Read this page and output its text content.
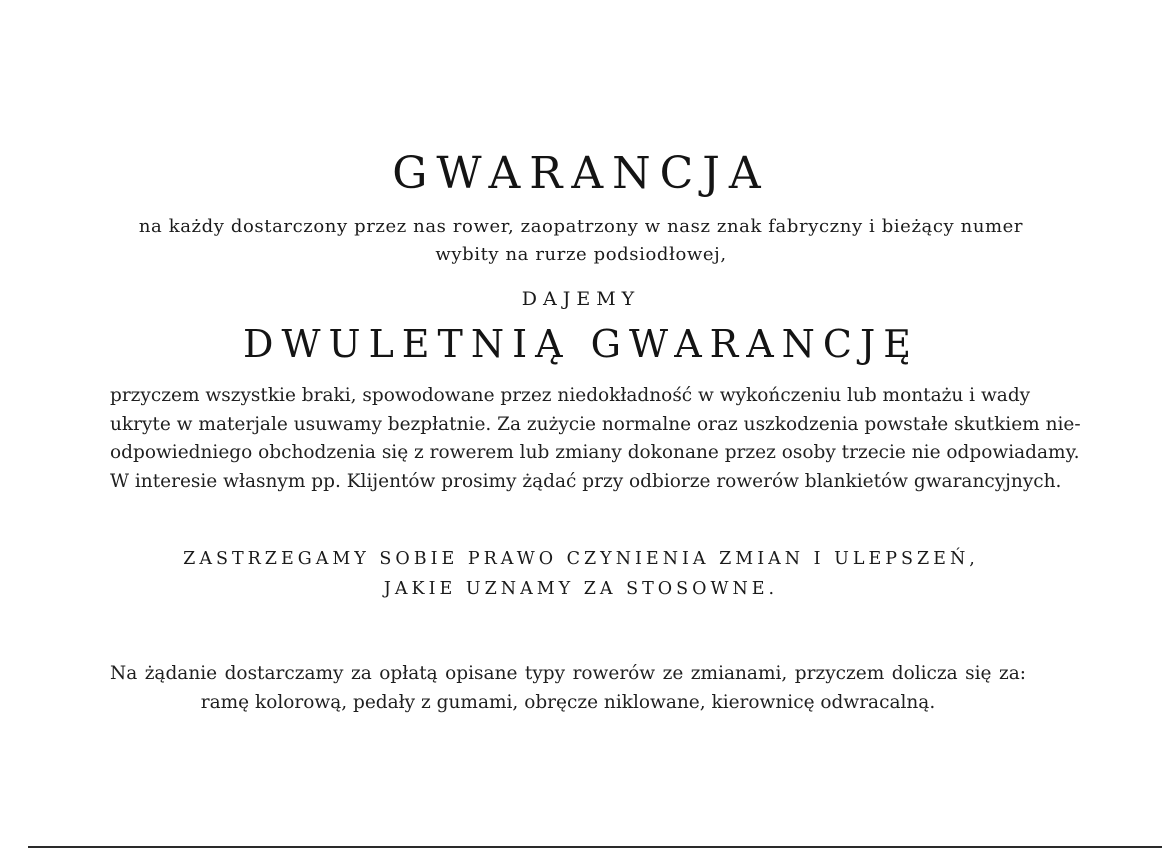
GWARANCJA
na każdy dostarczony przez nas rower, zaopatrzony w nasz znak fabryczny i bieżący numer
wybity na rurze podsiodłowej,
DAJEMY
DWULETNIĄ GWARANCJĘ
przyczem wszystkie braki, spowodowane przez niedokładność w wykończeniu lub montażu i wady
ukryte w materjale usuwamy bezpłatnie. Za zużycie normalne oraz uszkodzenia powstałe skutkiem nie-
odpowiedniego obchodzenia się z rowerem lub zmiany dokonane przez osoby trzecie nie odpowiadamy.
W interesie własnym pp. Klijentów prosimy żądać przy odbiorze rowerów blankietów gwarancyjnych.
ZASTRZEGAMY SOBIE PRAWO CZYNIENIA ZMIAN I ULEPSZEŃ,
JAKIE UZNAMY ZA STOSOWNE.
Na żądanie dostarczamy za opłatą opisane typy rowerów ze zmianami, przyczem dolicza się za:
ramę kolorową, pedały z gumami, obręcze niklowane, kierownicę odwracalną.
